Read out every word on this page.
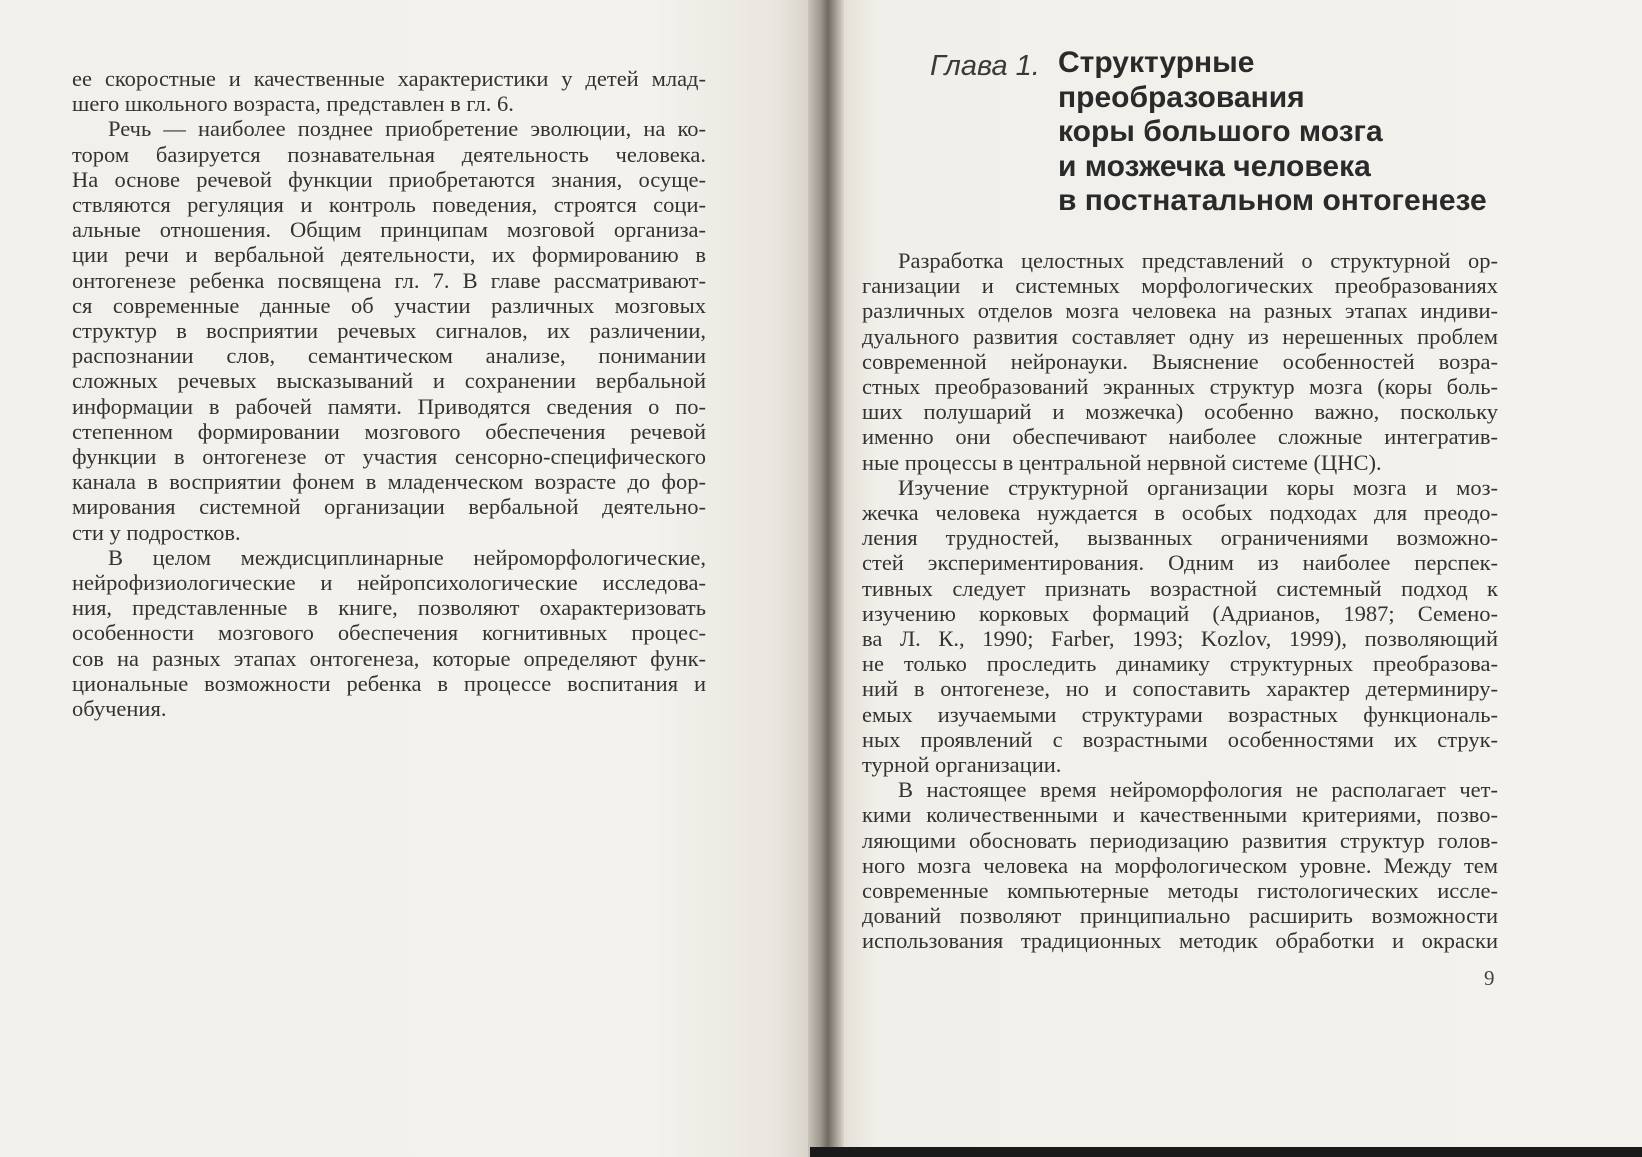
ее скоростные и качественные характеристики у детей млад-
шего школьного возраста, представлен в гл. 6.
Речь — наиболее позднее приобретение эволюции, на ко-
тором базируется познавательная деятельность человека.
На основе речевой функции приобретаются знания, осуще-
ствляются регуляция и контроль поведения, строятся соци-
альные отношения. Общим принципам мозговой организа-
ции речи и вербальной деятельности, их формированию в
онтогенезе ребенка посвящена гл. 7. В главе рассматривают-
ся современные данные об участии различных мозговых
структур в восприятии речевых сигналов, их различении,
распознании слов, семантическом анализе, понимании
сложных речевых высказываний и сохранении вербальной
информации в рабочей памяти. Приводятся сведения о по-
степенном формировании мозгового обеспечения речевой
функции в онтогенезе от участия сенсорно-специфического
канала в восприятии фонем в младенческом возрасте до фор-
мирования системной организации вербальной деятельно-
сти у подростков.
В целом междисциплинарные нейроморфологические,
нейрофизиологические и нейропсихологические исследова-
ния, представленные в книге, позволяют охарактеризовать
особенности мозгового обеспечения когнитивных процес-
сов на разных этапах онтогенеза, которые определяют функ-
циональные возможности ребенка в процессе воспитания и
обучения.
Глава 1. Структурные
преобразования
коры большого мозга
и мозжечка человека
в постнатальном онтогенезе
Разработка целостных представлений о структурной ор-
ганизации и системных морфологических преобразованиях
различных отделов мозга человека на разных этапах индиви-
дуального развития составляет одну из нерешенных проблем
современной нейронауки. Выяснение особенностей возра-
стных преобразований экранных структур мозга (коры боль-
ших полушарий и мозжечка) особенно важно, поскольку
именно они обеспечивают наиболее сложные интегратив-
ные процессы в центральной нервной системе (ЦНС).
Изучение структурной организации коры мозга и моз-
жечка человека нуждается в особых подходах для преодо-
ления трудностей, вызванных ограничениями возможно-
стей экспериментирования. Одним из наиболее перспек-
тивных следует признать возрастной системный подход к
изучению корковых формаций (Адрианов, 1987; Семено-
ва Л. К., 1990; Farber, 1993; Kozlov, 1999), позволяющий
не только проследить динамику структурных преобразова-
ний в онтогенезе, но и сопоставить характер детерминиру-
емых изучаемыми структурами возрастных функциональ-
ных проявлений с возрастными особенностями их струк-
турной организации.
В настоящее время нейроморфология не располагает чет-
кими количественными и качественными критериями, позво-
ляющими обосновать периодизацию развития структур голов-
ного мозга человека на морфологическом уровне. Между тем
современные компьютерные методы гистологических иссле-
дований позволяют принципиально расширить возможности
использования традиционных методик обработки и окраски
9
